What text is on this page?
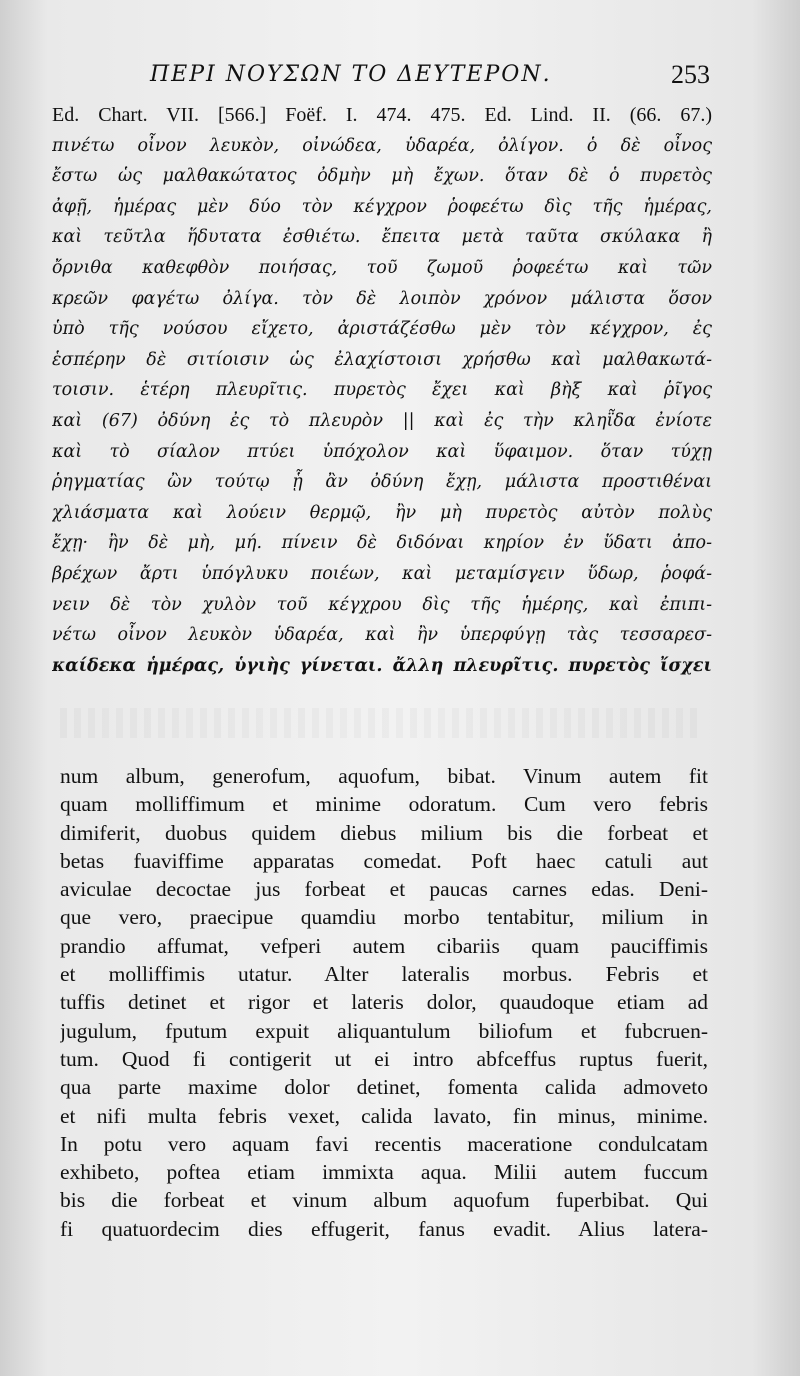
ΠΕΡΙ ΝΟΥΣΩΝ ΤΟ ΔΕΥΤΕΡΟΝ.	253
Ed. Chart. VII. [566.] Foëf. I. 474. 475. Ed. Lind. II. (66. 67.)
πινέτω οἶνον λευκὸν, οἰνώδεα, ὑδαρέα, ὀλίγον. ὁ δὲ οἶνος
ἔστω ὡς μαλθακώτατος ὀδμὴν μὴ ἔχων. ὅταν δὲ ὁ πυρετὸς
ἀφῇ, ἡμέρας μὲν δύο τὸν κέγχρον ῥοφεέτω δὶς τῆς ἡμέρας,
καὶ τεῦτλα ἥδυτατα ἐσθιέτω. ἔπειτα μετὰ ταῦτα σκύλακα ἢ
ὄρνιθα καθεφθὸν ποιήσας, τοῦ ζωμοῦ ῥοφεέτω καὶ τῶν
κρεῶν φαγέτω ὀλίγα. τὸν δὲ λοιπὸν χρόνον μάλιστα ὅσον
ὑπὸ τῆς νούσου εἴχετο, ἀριστάζέσθω μὲν τὸν κέγχρον, ἐς
ἑσπέρην δὲ σιτίοισιν ὡς ἐλαχίστοισι χρήσθω καὶ μαλθακωτά-
τοισιν. ἑτέρη πλευρῖτις. πυρετὸς ἔχει καὶ βὴξ καὶ ῥῖγος
καὶ (67) ὀδύνη ἐς τὸ πλευρὸν || καὶ ἐς τὴν κληῗδα ἐνίοτε
καὶ τὸ σίαλον πτύει ὑπόχολον καὶ ὕφαιμον. ὅταν τύχῃ
ῥηγματίας ὢν τούτῳ ᾗ ἂν ὀδύνη ἔχῃ, μάλιστα προστιθέναι
χλιάσματα καὶ λούειν θερμῷ, ἢν μὴ πυρετὸς αὐτὸν πολὺς
ἔχῃ· ἢν δὲ μὴ, μή. πίνειν δὲ διδόναι κηρίον ἐν ὕδατι ἀπο-
βρέχων ἄρτι ὑπόγλυκυ ποιέων, καὶ μεταμίσγειν ὕδωρ, ῥοφά-
νειν δὲ τὸν χυλὸν τοῦ κέγχρου δὶς τῆς ἡμέρης, καὶ ἐπιπι-
νέτω οἶνον λευκὸν ὑδαρέα, καὶ ἢν ὑπερφύγῃ τὰς τεσσαρεσ-
καίδεκα ἡμέρας, ὑγιὴς γίνεται. ἄλλη πλευρῖτις. πυρετὸς ἴσχει
num album, generofum, aquofum, bibat. Vinum autem fit
quam molliffimum et minime odoratum. Cum vero febris
dimiferit, duobus quidem diebus milium bis die forbeat et
betas fuaviffime apparatas comedat. Poft haec catuli aut
aviculae decoctae jus forbeat et paucas carnes edas. Deni-
que vero, praecipue quamdiu morbo tentabitur, milium in
prandio affumat, vefperi autem cibariis quam pauciffimis
et molliffimis utatur. Alter lateralis morbus. Febris et
tuffis detinet et rigor et lateris dolor, quaudoque etiam ad
jugulum, fputum expuit aliquantulum biliofum et fubcruen-
tum. Quod fi contigerit ut ei intro abfceffus ruptus fuerit,
qua parte maxime dolor detinet, fomenta calida admoveto
et nifi multa febris vexet, calida lavato, fin minus, minime.
In potu vero aquam favi recentis maceratione condulcatam
exhibeto, poftea etiam immixta aqua. Milii autem fuccum
bis die forbeat et vinum album aquofum fuperbibat. Qui
fi quatuordecim dies effugerit, fanus evadit. Alius latera-
